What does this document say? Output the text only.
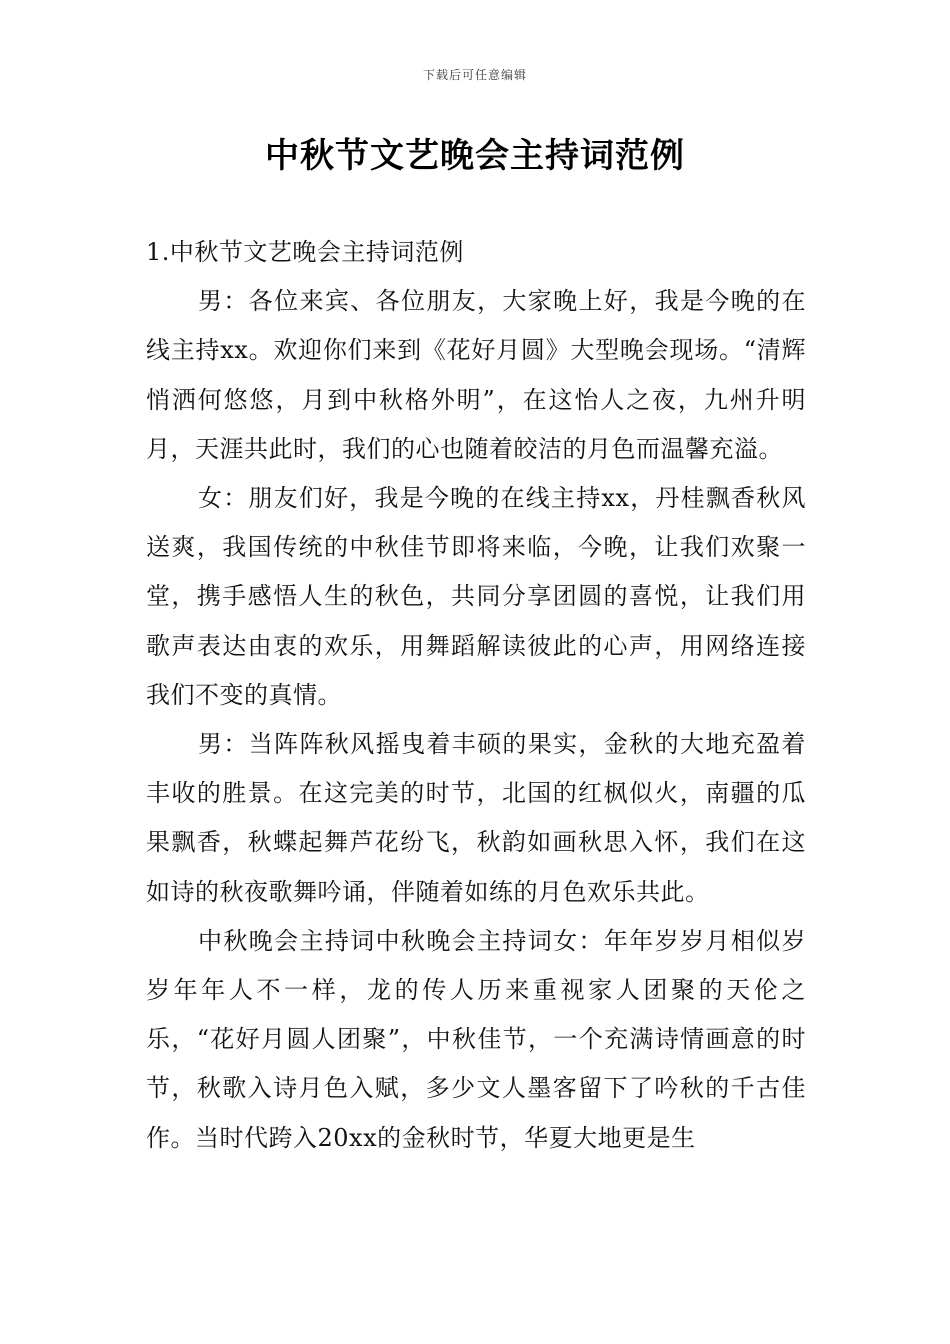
下载后可任意编辑
中秋节文艺晚会主持词范例

1.中秋节文艺晚会主持词范例

男：各位来宾、各位朋友，大家晚上好，我是今晚的在线主持xx。欢迎你们来到《花好月圆》大型晚会现场。“清辉悄洒何悠悠，月到中秋格外明”，在这怡人之夜，九州升明月，天涯共此时，我们的心也随着皎洁的月色而温馨充溢。

女：朋友们好，我是今晚的在线主持xx，丹桂飘香秋风送爽，我国传统的中秋佳节即将来临，今晚，让我们欢聚一堂，携手感悟人生的秋色，共同分享团圆的喜悦，让我们用歌声表达由衷的欢乐，用舞蹈解读彼此的心声，用网络连接我们不变的真情。

男：当阵阵秋风摇曳着丰硕的果实，金秋的大地充盈着丰收的胜景。在这完美的时节，北国的红枫似火，南疆的瓜果飘香，秋蝶起舞芦花纷飞，秋韵如画秋思入怀，我们在这如诗的秋夜歌舞吟诵，伴随着如练的月色欢乐共此。

中秋晚会主持词中秋晚会主持词女：年年岁岁月相似岁岁年年人不一样，龙的传人历来重视家人团聚的天伦之乐，“花好月圆人团聚”，中秋佳节，一个充满诗情画意的时节，秋歌入诗月色入赋，多少文人墨客留下了吟秋的千古佳作。当时代跨入20xx的金秋时节，华夏大地更是生
